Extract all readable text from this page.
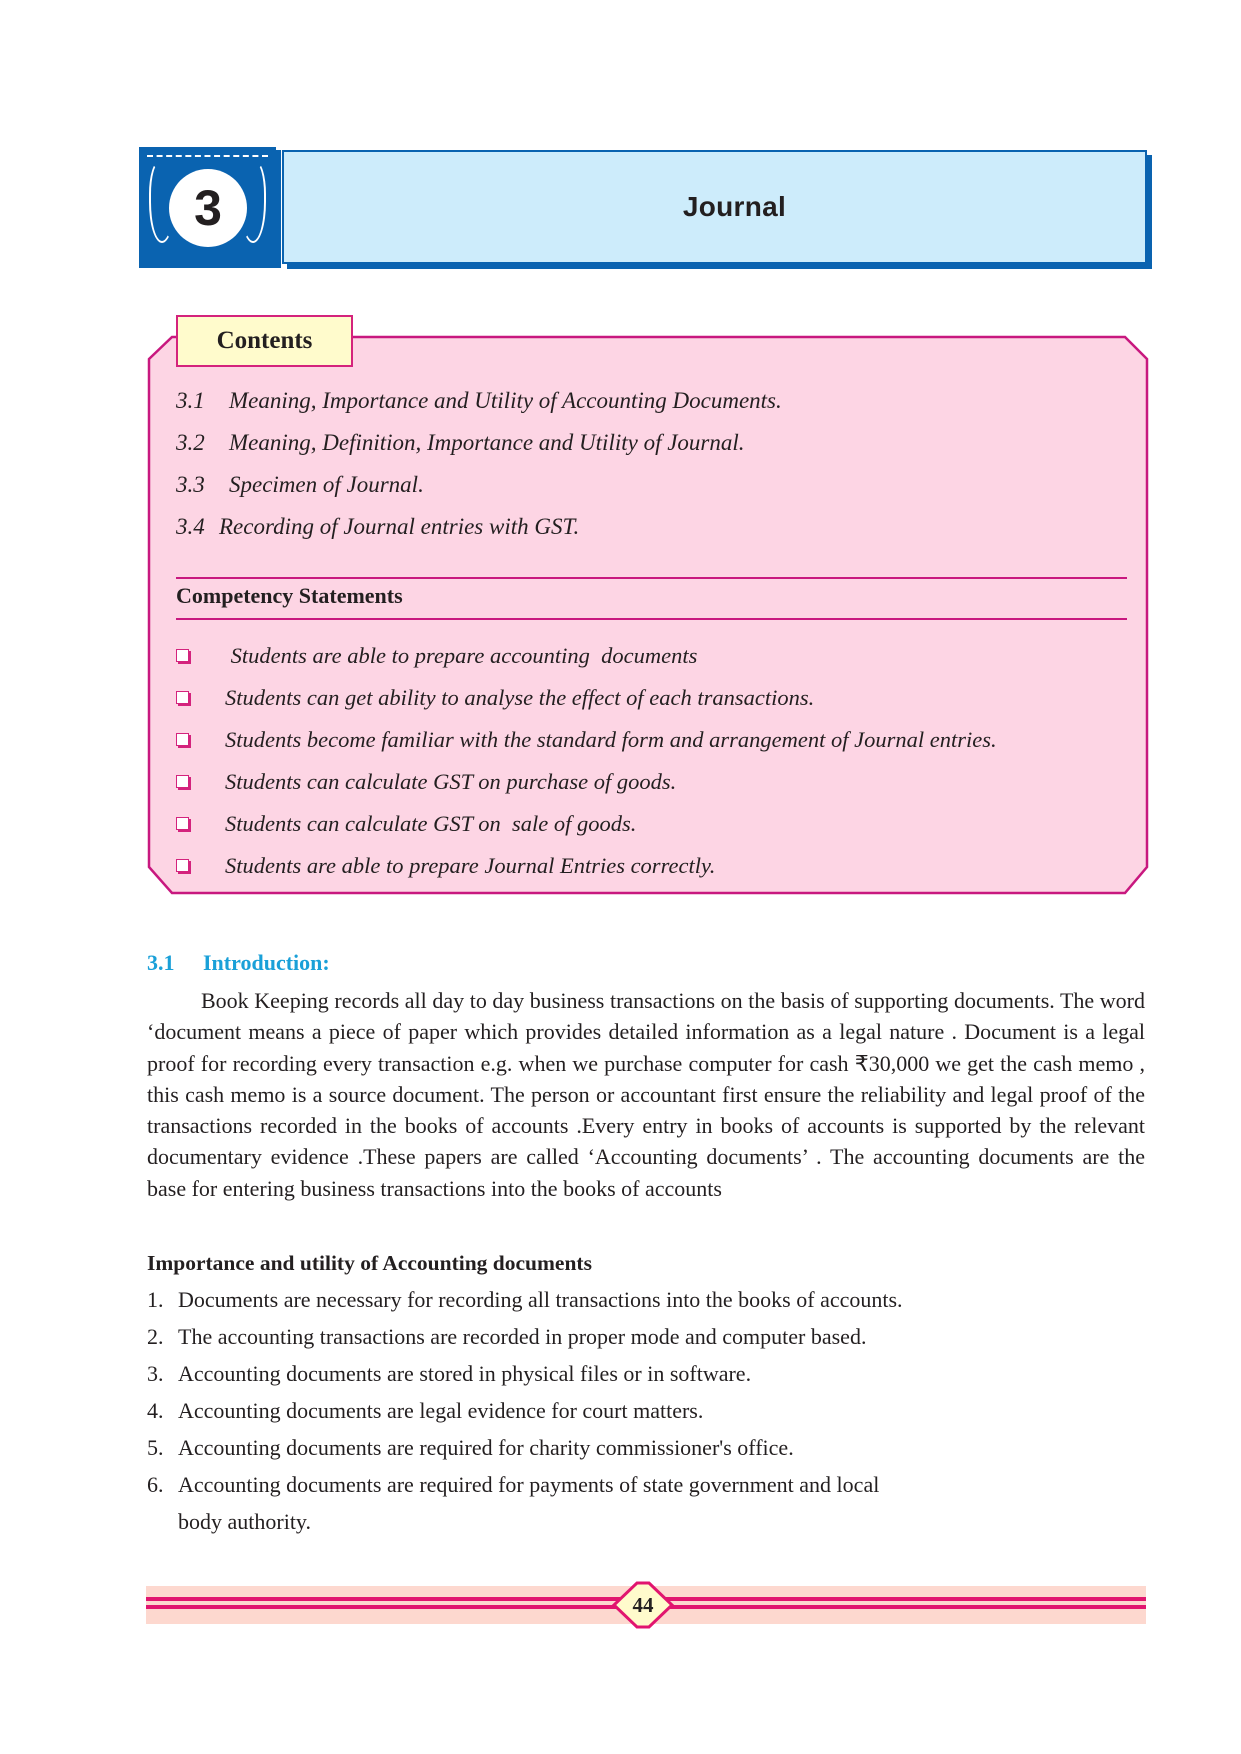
3	Journal
Contents
3.1 Meaning, Importance and Utility of Accounting Documents.
3.2 Meaning, Definition, Importance and Utility of Journal.
3.3 Specimen of Journal.
3.4 Recording of Journal entries with GST.
Competency Statements
Students are able to prepare accounting  documents
Students can get ability to analyse the effect of each transactions.
Students become familiar with the standard form and arrangement of Journal entries.
Students can calculate GST on purchase of goods.
Students can calculate GST on  sale of goods.
Students are able to prepare Journal Entries correctly.
3.1 Introduction:
Book Keeping records all day to day business transactions on the basis of supporting documents. The word ‘document means a piece of paper which provides detailed information as a legal nature . Document is a legal proof for recording every transaction e.g. when we purchase computer for cash ₹30,000 we get the cash memo , this cash memo is a source document. The person or accountant first ensure the reliability and legal proof of the transactions recorded in the books of accounts .Every entry in books of accounts is supported by the relevant documentary evidence .These papers are called ‘Accounting documents’ . The accounting documents are the base for entering business transactions into the books of accounts
Importance and utility of Accounting documents
1. Documents are necessary for recording all transactions into the books of accounts.
2. The accounting transactions are recorded in proper mode and computer based.
3. Accounting documents are stored in physical files or in software.
4. Accounting documents are legal evidence for court matters.
5. Accounting documents are required for charity commissioner's office.
6. Accounting documents are required for payments of state government and local
body authority.
44
